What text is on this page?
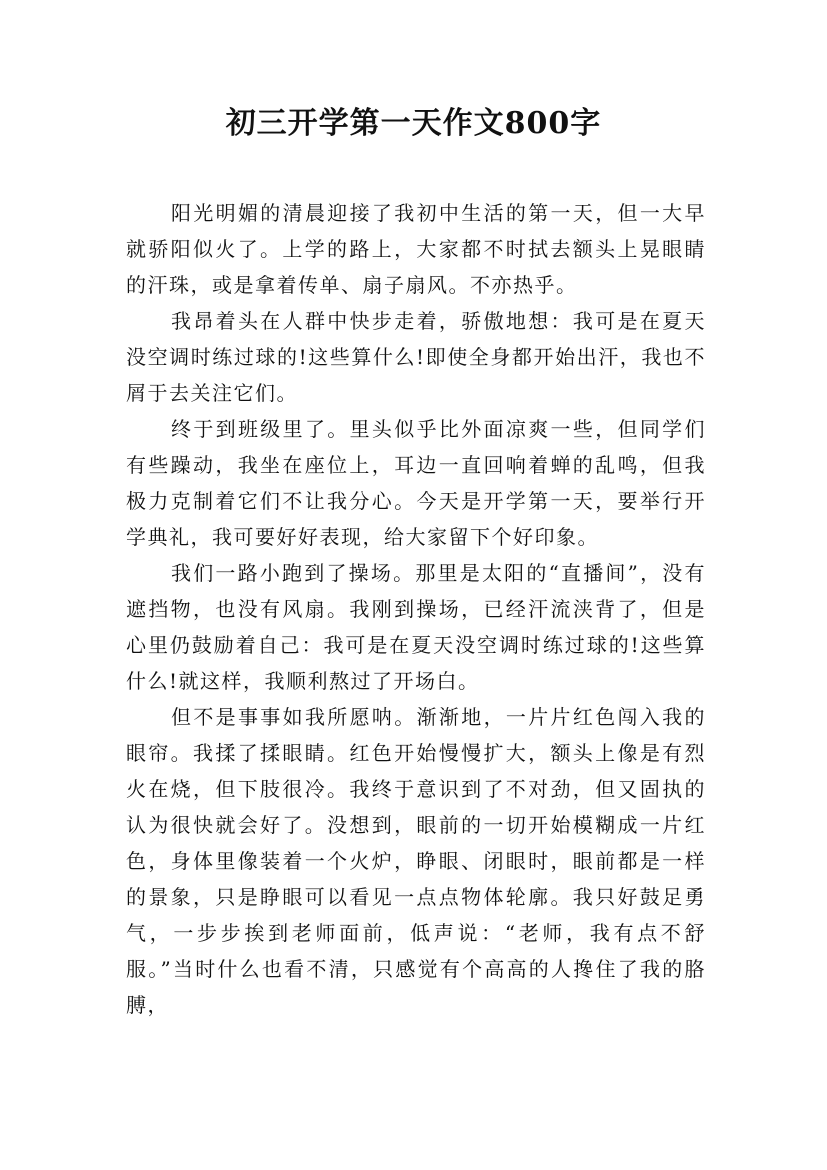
初三开学第一天作文800字

阳光明媚的清晨迎接了我初中生活的第一天，但一大早就骄阳似火了。上学的路上，大家都不时拭去额头上晃眼睛的汗珠，或是拿着传单、扇子扇风。不亦热乎。

我昂着头在人群中快步走着，骄傲地想：我可是在夏天没空调时练过球的!这些算什么!即使全身都开始出汗，我也不屑于去关注它们。

终于到班级里了。里头似乎比外面凉爽一些，但同学们有些躁动，我坐在座位上，耳边一直回响着蝉的乱鸣，但我极力克制着它们不让我分心。今天是开学第一天，要举行开学典礼，我可要好好表现，给大家留下个好印象。

我们一路小跑到了操场。那里是太阳的“直播间”，没有遮挡物，也没有风扇。我刚到操场，已经汗流浃背了，但是心里仍鼓励着自己：我可是在夏天没空调时练过球的!这些算什么!就这样，我顺利熬过了开场白。

但不是事事如我所愿呐。渐渐地，一片片红色闯入我的眼帘。我揉了揉眼睛。红色开始慢慢扩大，额头上像是有烈火在烧，但下肢很冷。我终于意识到了不对劲，但又固执的认为很快就会好了。没想到，眼前的一切开始模糊成一片红色，身体里像装着一个火炉，睁眼、闭眼时，眼前都是一样的景象，只是睁眼可以看见一点点物体轮廓。我只好鼓足勇气，一步步挨到老师面前，低声说：“老师，我有点不舒服。”当时什么也看不清，只感觉有个高高的人搀住了我的胳膊，
